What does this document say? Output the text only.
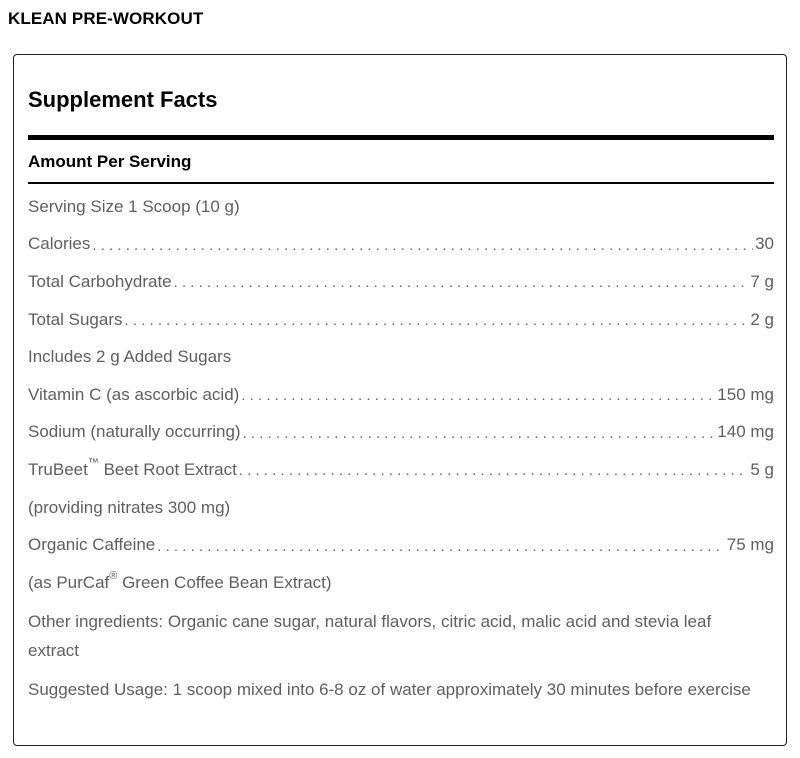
KLEAN PRE-WORKOUT
Supplement Facts
Amount Per Serving
Serving Size 1 Scoop (10 g)
Calories . . .	30
Total Carbohydrate . . .	7 g
Total Sugars . . .	2 g
Includes 2 g Added Sugars
Vitamin C (as ascorbic acid) . . .	150 mg
Sodium (naturally occurring) . . .	140 mg
TruBeet™ Beet Root Extract . . .	5 g
(providing nitrates 300 mg)
Organic Caffeine . . .	75 mg
(as PurCaf® Green Coffee Bean Extract)
Other ingredients: Organic cane sugar, natural flavors, citric acid, malic acid and stevia leaf extract
Suggested Usage: 1 scoop mixed into 6-8 oz of water approximately 30 minutes before exercise
